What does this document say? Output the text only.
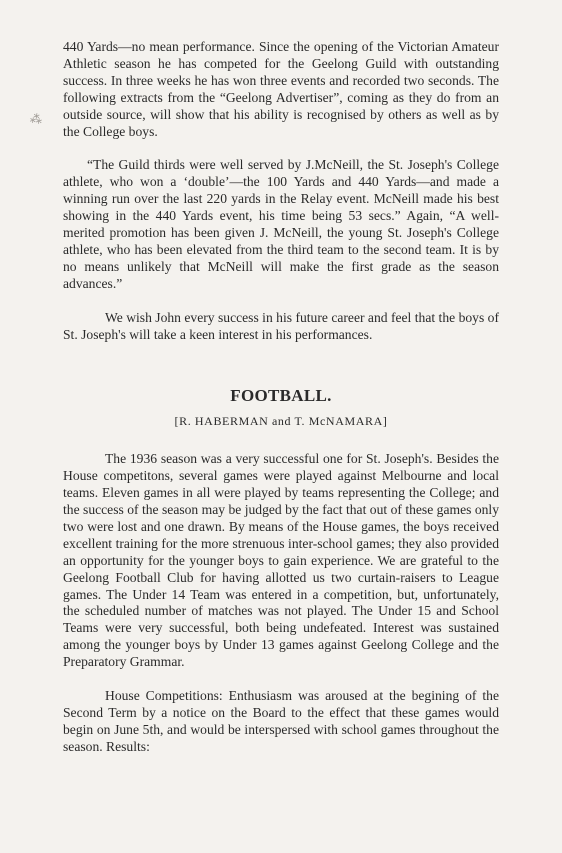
⁂

440 Yards—no mean performance. Since the opening of the Victorian Amateur Athletic season he has competed for the Geelong Guild with outstanding success. In three weeks he has won three events and recorded two seconds. The following extracts from the “Geelong Advertiser”, coming as they do from an outside source, will show that his ability is recognised by others as well as by the College boys.

“The Guild thirds were well served by J.McNeill, the St. Joseph's College athlete, who won a ‘double’—the 100 Yards and 440 Yards—and made a winning run over the last 220 yards in the Relay event. McNeill made his best showing in the 440 Yards event, his time being 53 secs.” Again, “A well-merited promotion has been given J. McNeill, the young St. Joseph's College athlete, who has been elevated from the third team to the second team. It is by no means unlikely that McNeill will make the first grade as the season advances.”

We wish John every success in his future career and feel that the boys of St. Joseph's will take a keen interest in his performances.

FOOTBALL.

[R. HABERMAN and T. McNAMARA]

The 1936 season was a very successful one for St. Joseph's. Besides the House competitons, several games were played against Melbourne and local teams. Eleven games in all were played by teams representing the College; and the success of the season may be judged by the fact that out of these games only two were lost and one drawn. By means of the House games, the boys received excellent training for the more strenuous inter-school games; they also provided an opportunity for the younger boys to gain experience. We are grateful to the Geelong Football Club for having allotted us two curtain-raisers to League games. The Under 14 Team was entered in a competition, but, unfortunately, the scheduled number of matches was not played. The Under 15 and School Teams were very successful, both being undefeated. Interest was sustained among the younger boys by Under 13 games against Geelong College and the Preparatory Grammar.

House Competitions: Enthusiasm was aroused at the begining of the Second Term by a notice on the Board to the effect that these games would begin on June 5th, and would be interspersed with school games throughout the season. Results:
